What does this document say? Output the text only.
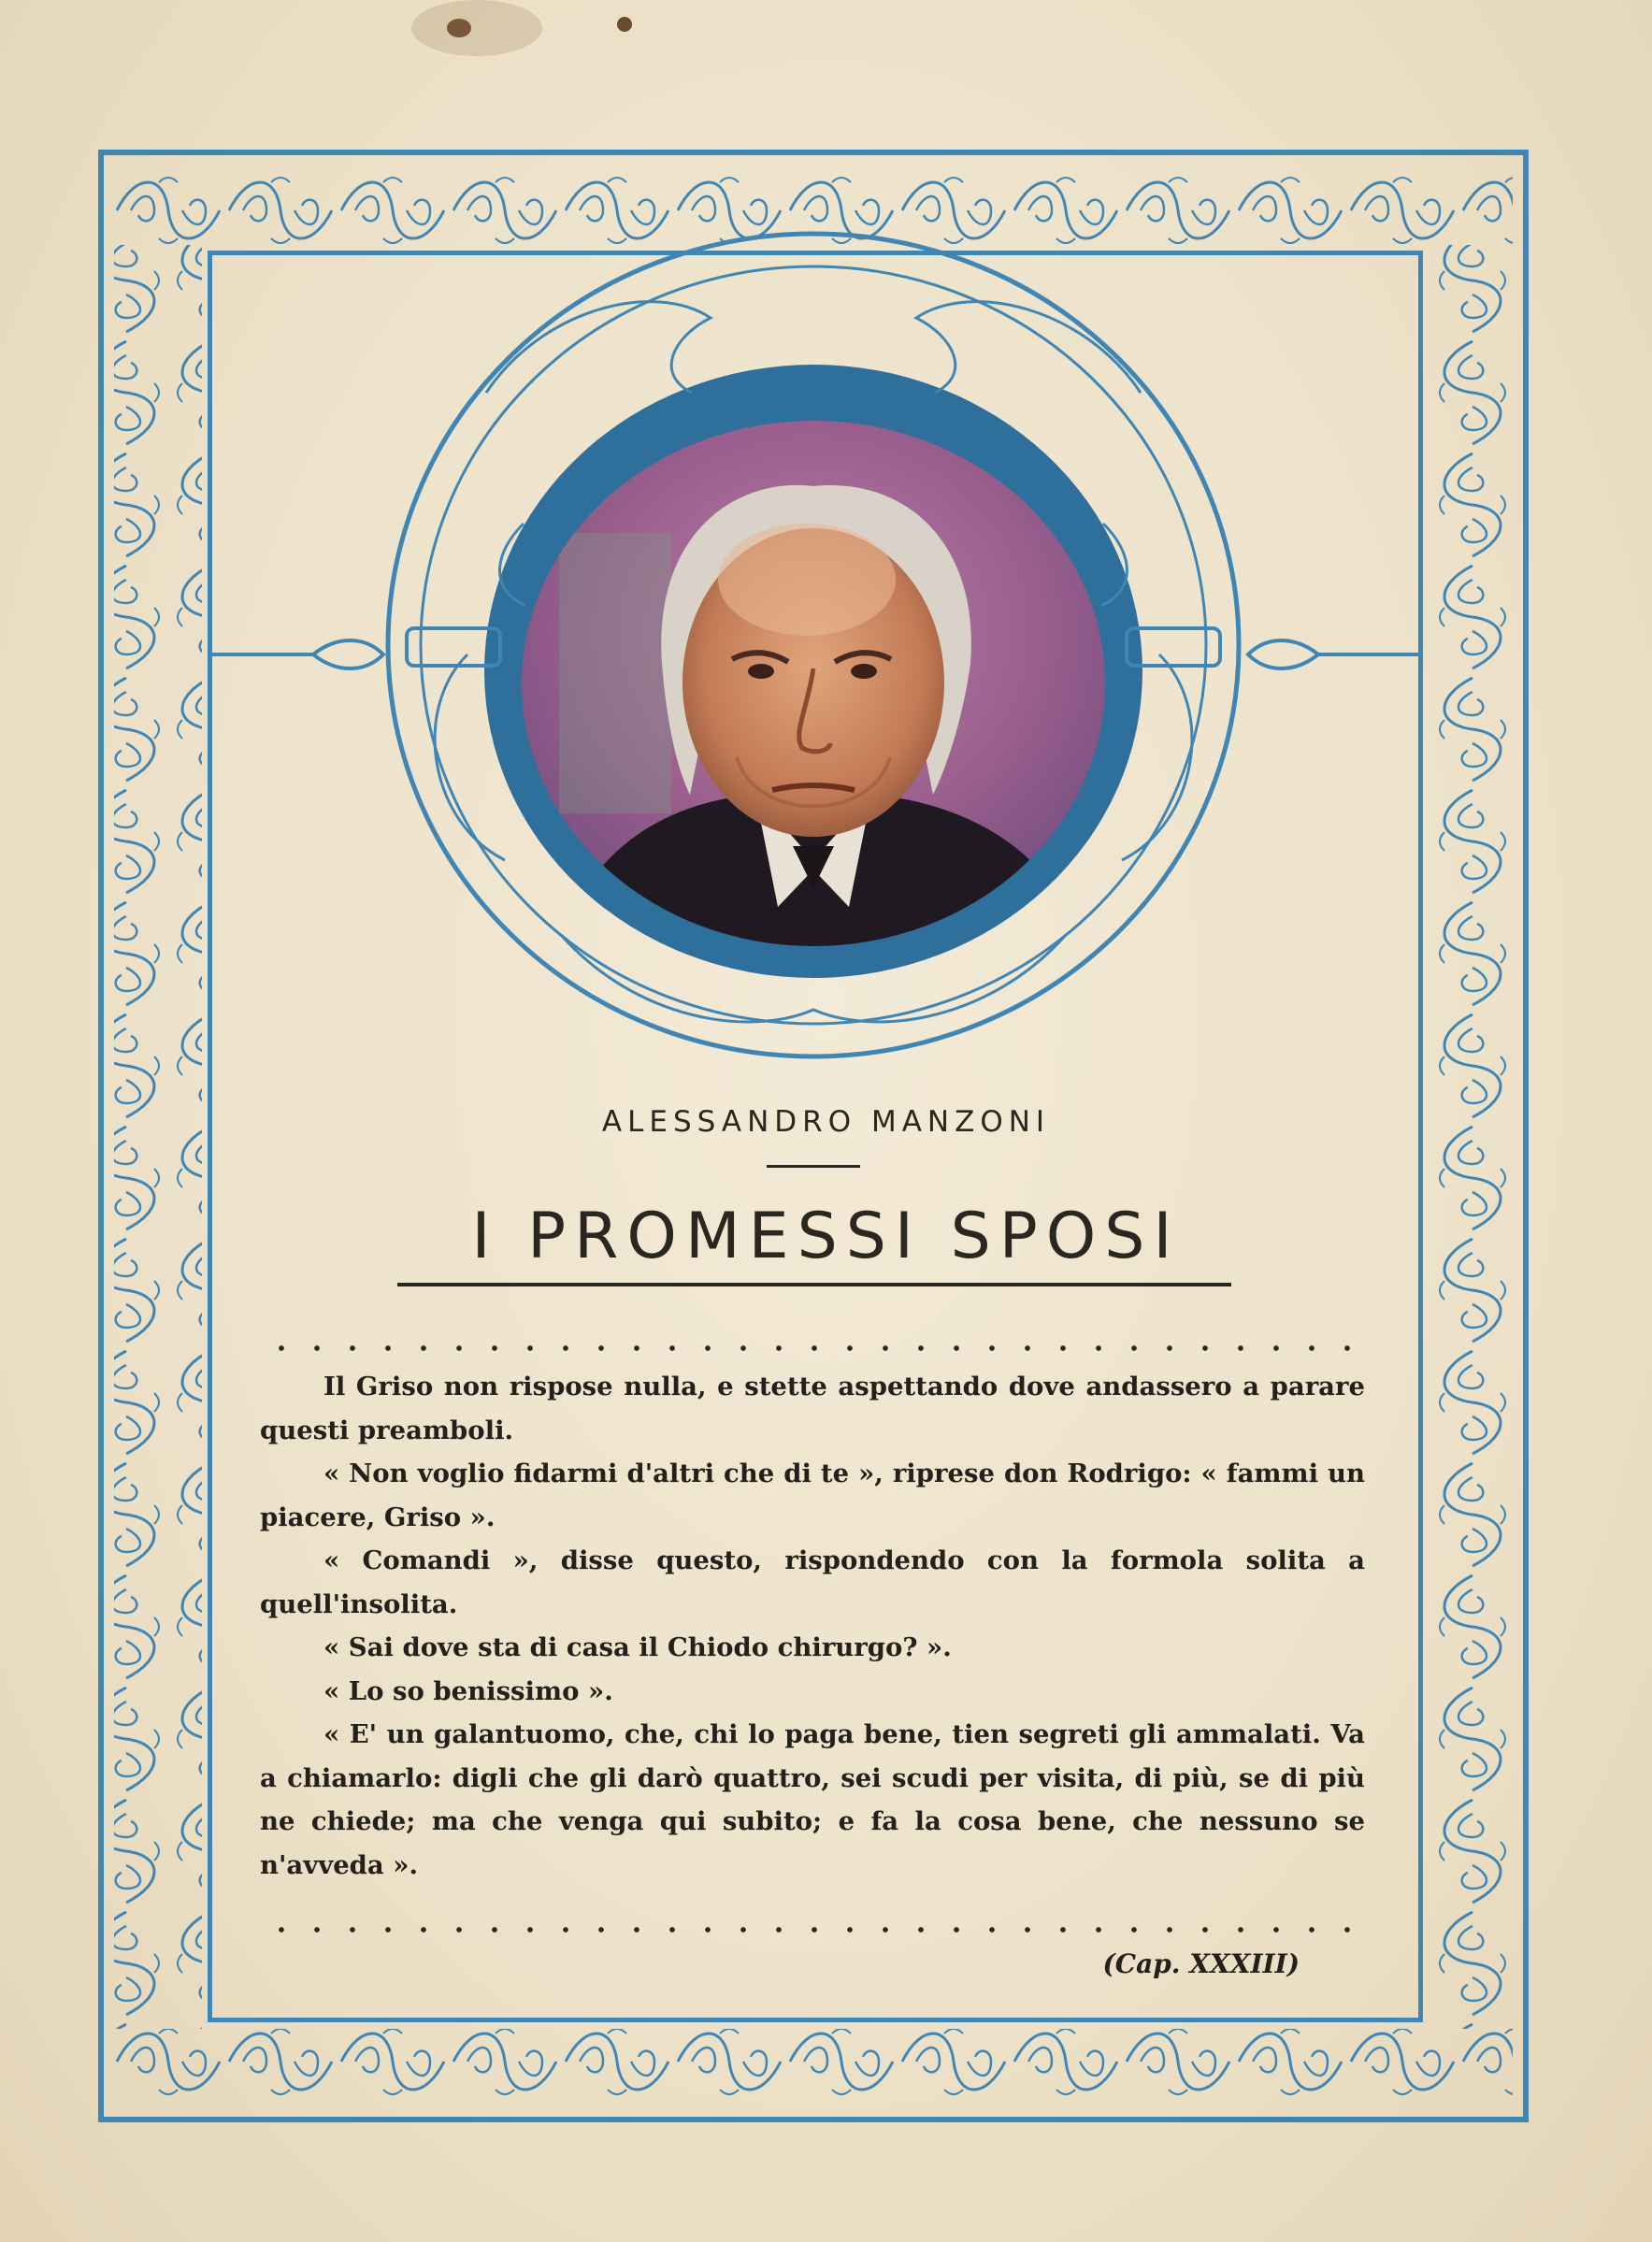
ALESSANDRO MANZONI
I PROMESSI SPOSI

Il Griso non rispose nulla, e stette aspettando dove andassero a parare questi preamboli.

« Non voglio fidarmi d'altri che di te », riprese don Rodrigo: « fammi un piacere, Griso ».

« Comandi », disse questo, rispondendo con la formola solita a quell'insolita.

« Sai dove sta di casa il Chiodo chirurgo? ».

« Lo so benissimo ».

« E' un galantuomo, che, chi lo paga bene, tien segreti gli ammalati. Va a chiamarlo: digli che gli darò quattro, sei scudi per visita, di più, se di più ne chiede; ma che venga qui subito; e fa la cosa bene, che nessuno se n'avveda ».

(Cap. XXXIII)
